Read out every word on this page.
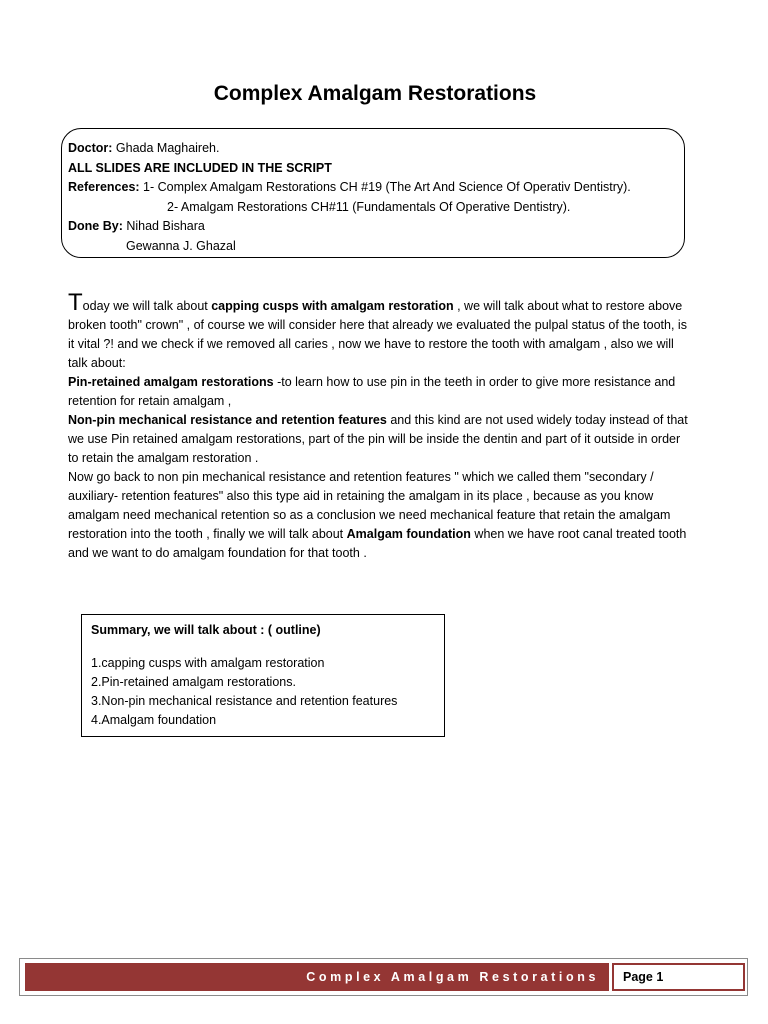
Complex Amalgam Restorations
Doctor: Ghada Maghaireh.
ALL SLIDES ARE INCLUDED IN THE SCRIPT
References: 1- Complex Amalgam Restorations CH #19 (The Art And Science Of Operativ Dentistry).
2- Amalgam Restorations CH#11 (Fundamentals Of Operative Dentistry).
Done By: Nihad Bishara
Gewanna J. Ghazal

Today we will talk about capping cusps with amalgam restoration , we will talk about what to restore above broken tooth" crown" , of course we will consider here that already we evaluated the pulpal status of the tooth, is it vital ?! and we check if we removed all caries , now we have to restore the tooth with amalgam , also we will talk about:

Pin-retained amalgam restorations -to learn how to use pin in the teeth in order to give more resistance and retention for retain amalgam ,

Non-pin mechanical resistance and retention features and this kind are not used widely today instead of that we use Pin retained amalgam restorations, part of the pin will be inside the dentin and part of it outside in order to retain the amalgam restoration .

Now go back to non pin mechanical resistance and retention features " which we called them "secondary / auxiliary- retention features" also this type aid in retaining the amalgam in its place , because as you know amalgam need mechanical retention so as a conclusion we need mechanical feature that retain the amalgam restoration into the tooth , finally we will talk about Amalgam foundation when we have root canal treated tooth and we want to do amalgam foundation for that tooth .

Summary, we will talk about : ( outline)
1.capping cusps with amalgam restoration
2.Pin-retained amalgam restorations.
3.Non-pin mechanical resistance and retention features
4.Amalgam foundation
Complex Amalgam Restorations	Page 1
